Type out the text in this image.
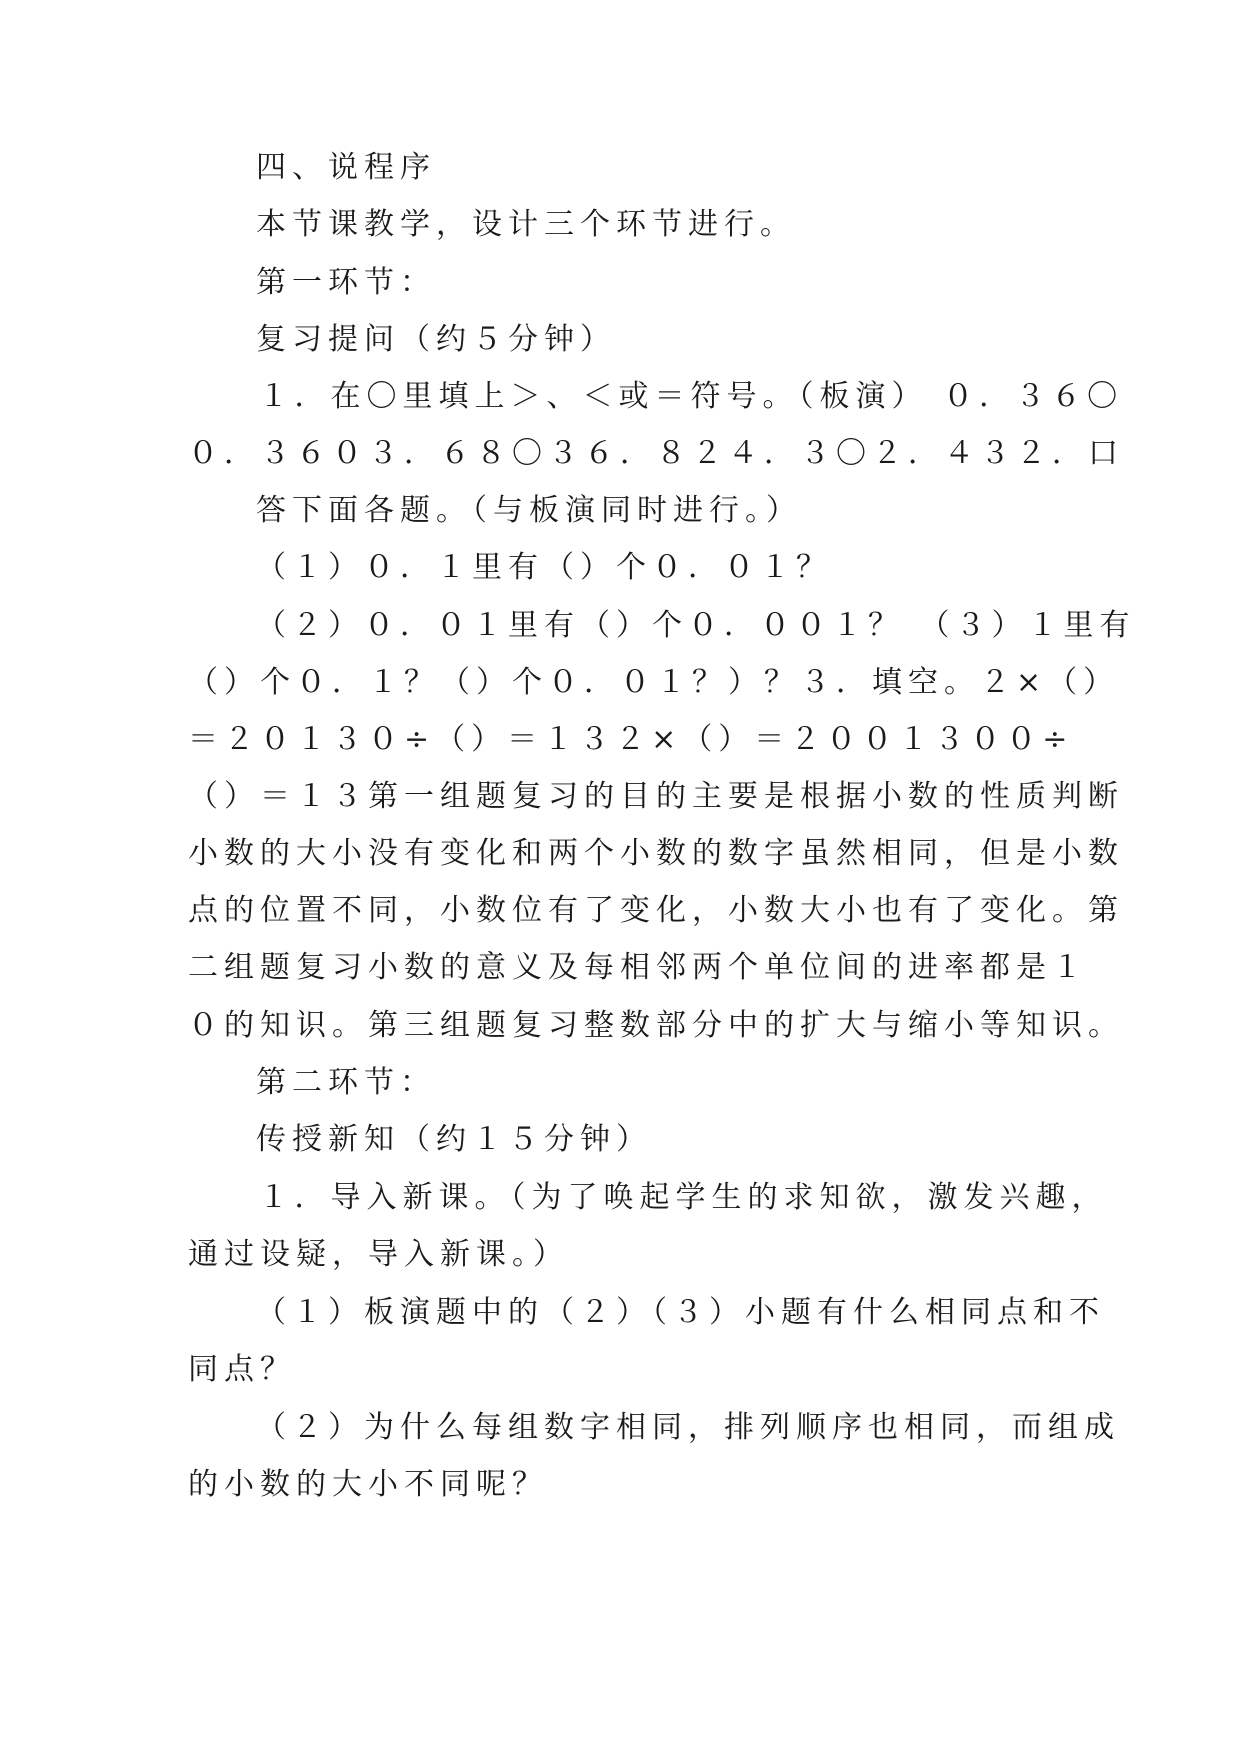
四、说程序
本节课教学，设计三个环节进行。
第一环节：
复习提问（约５分钟）
１．在〇里填上＞、＜或＝符号。（板演） ０．３６〇
０．３６０３．６８〇３６．８２４．３〇２．４３２．口
答下面各题。（与板演同时进行。）
（１）０．１里有（）个０．０１？
（２）０．０１里有（）个０．００１？ （３）１里有
（）个０．１？（）个０．０１？）？３．填空。２×（）
＝２０１３０÷（）＝１３２×（）＝２００１３００÷
（）＝１３第一组题复习的目的主要是根据小数的性质判断
小数的大小没有变化和两个小数的数字虽然相同，但是小数
点的位置不同，小数位有了变化，小数大小也有了变化。第
二组题复习小数的意义及每相邻两个单位间的进率都是１
０的知识。第三组题复习整数部分中的扩大与缩小等知识。
第二环节：
传授新知（约１５分钟）
１．导入新课。（为了唤起学生的求知欲，激发兴趣，
通过设疑，导入新课。）
（１）板演题中的（２）（３）小题有什么相同点和不
同点？
（２）为什么每组数字相同，排列顺序也相同，而组成
的小数的大小不同呢？
